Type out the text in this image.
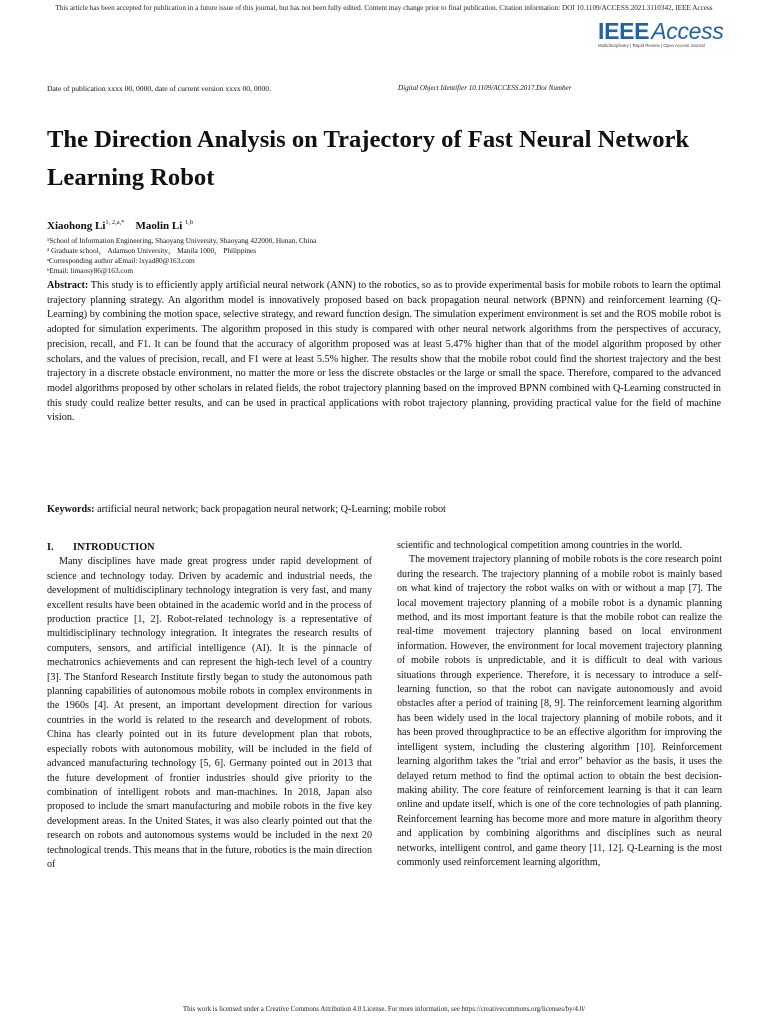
This article has been accepted for publication in a future issue of this journal, but has not been fully edited. Content may change prior to final publication. Citation information: DOI 10.1109/ACCESS.2021.3110342, IEEE Access
IEEEAccess
Multidisciplinary | Rapid Review | Open Access Journal
Date of publication xxxx 00, 0000, date of current version xxxx 00, 0000.	Digital Object Identifier 10.1109/ACCESS.2017.Doi Number
The Direction Analysis on Trajectory of Fast Neural Network Learning Robot
Xiaohong $Li^{1, 2,a,*}$ Maolin Li $^{1,b}$
¹School of Information Engineering, Shaoyang University, Shaoyang 422000, Hunan, China
² Graduate school， Adamson University， Manila 1000， Philippines
ᵃCorresponding author aEmail: lxyad80@163.com
ᵇEmail: limaosy86@163.com

Abstract: This study is to efficiently apply artificial neural network (ANN) to the robotics, so as to provide experimental basis for mobile robots to learn the optimal trajectory planning strategy. An algorithm model is innovatively proposed based on back propagation neural network (BPNN) and reinforcement learning (Q-Learning) by combining the motion space, selective strategy, and reward function design. The simulation experiment environment is set and the ROS mobile robot is adopted for simulation experiments. The algorithm proposed in this study is compared with other neural network algorithms from the perspectives of accuracy, precision, recall, and F1. It can be found that the accuracy of algorithm proposed was at least 5.47% higher than that of the model algorithm proposed by other scholars, and the values of precision, recall, and F1 were at least 5.5% higher. The results show that the mobile robot could find the shortest trajectory and the best trajectory in a discrete obstacle environment, no matter the more or less the discrete obstacles or the large or small the space. Therefore, compared to the advanced model algorithms proposed by other scholars in related fields, the robot trajectory planning based on the improved BPNN combined with Q-Learning constructed in this study could realize better results, and can be used in practical applications with robot trajectory planning, providing practical value for the field of machine vision.

Keywords: artificial neural network; back propagation neural network; Q-Learning; mobile robot

I. INTRODUCTION

Many disciplines have made great progress under rapid development of science and technology today. Driven by academic and industrial needs, the development of multidisciplinary technology integration is very fast, and many excellent results have been obtained in the academic world and in the process of production practice [1, 2]. Robot-related technology is a representative of multidisciplinary technology integration. It integrates the research results of computers, sensors, and artificial intelligence (AI). It is the pinnacle of mechatronics achievements and can represent the high-tech level of a country [3]. The Stanford Research Institute firstly began to study the autonomous path planning capabilities of autonomous mobile robots in complex environments in the 1960s [4]. At present, an important development direction for various countries in the world is related to the research and development of robots. China has clearly pointed out in its future development plan that robots, especially robots with autonomous mobility, will be included in the field of advanced manufacturing technology [5, 6]. Germany pointed out in 2013 that the future development of frontier industries should give priority to the combination of intelligent robots and man-machines. In 2018, Japan also proposed to include the smart manufacturing and mobile robots in the five key development areas. In the United States, it was also clearly pointed out that the research on robots and autonomous systems would be included in the next 20 technological trends. This means that in the future, robotics is the main direction of

scientific and technological competition among countries in the world.

The movement trajectory planning of mobile robots is the core research point during the research. The trajectory planning of a mobile robot is mainly based on what kind of trajectory the robot walks on with or without a map [7]. The local movement trajectory planning of a mobile robot is a dynamic planning method, and its most important feature is that the mobile robot can realize the real-time movement trajectory planning based on local environment information. However, the environment for local movement trajectory planning of mobile robots is unpredictable, and it is difficult to deal with various situations through experience. Therefore, it is necessary to introduce a self-learning function, so that the robot can navigate autonomously and avoid obstacles after a period of training [8, 9]. The reinforcement learning algorithm has been widely used in the local trajectory planning of mobile robots, and it has been proved throughpractice to be an effective algorithm for improving the intelligent system, including the clustering algorithm [10]. Reinforcement learning algorithm takes the "trial and error" behavior as the basis, it uses the delayed return method to find the optimal action to obtain the best decision-making ability. The core feature of reinforcement learning is that it can learn online and update itself, which is one of the core technologies of path planning. Reinforcement learning has become more and more mature in algorithm theory and application by combining algorithms and disciplines such as neural networks, intelligent control, and game theory [11, 12]. Q-Learning is the most commonly used reinforcement learning algorithm,

This work is licensed under a Creative Commons Attribution 4.0 License. For more information, see https://creativecommons.org/licenses/by/4.0/
